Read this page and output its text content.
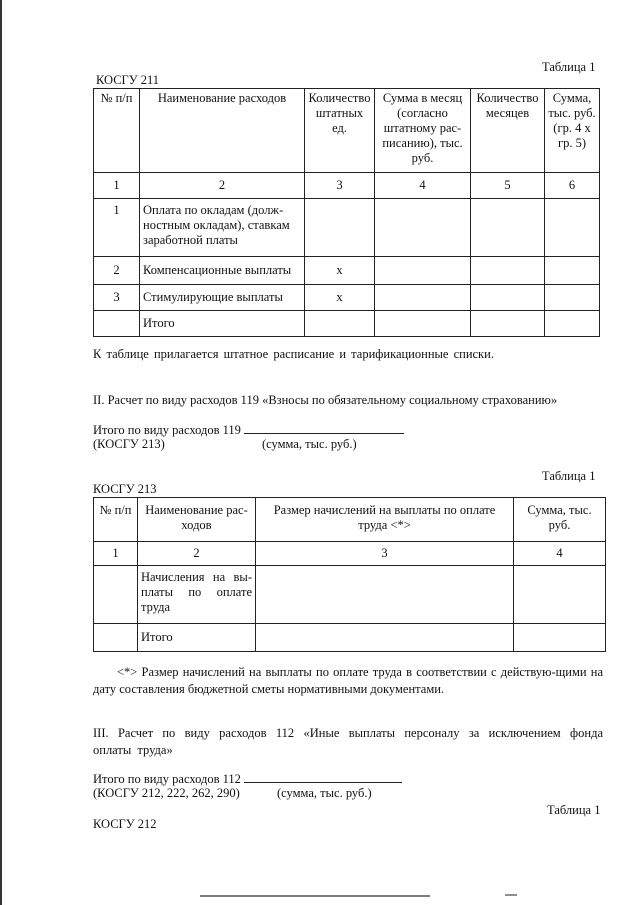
Таблица 1
КОСГУ 211
№ п/п	Наименование расходов	Количество штатных ед.	Сумма в месяц (согласно штатному рас-писанию), тыс. руб.	Количество месяцев	Сумма, тыс. руб. (гр. 4 х гр. 5)
1	2	3	4	5	6
1	Оплата по окладам (долж-ностным окладам), ставкам заработной платы				
2	Компенсационные выплаты	х			
3	Стимулирующие выплаты	х			
	Итого				
К таблице прилагается штатное расписание и тарификационные списки.
II. Расчет по виду расходов 119 «Взносы по обязательному социальному страхованию»
Итого по виду расходов 119
(КОСГУ 213)	(сумма, тыс. руб.)
Таблица 1
КОСГУ 213
№ п/п	Наименование рас-ходов	Размер начислений на выплаты по оплате труда <*>	Сумма, тыс. руб.
1	2	3	4
	Начисления на вы-платы по оплате труда		
	Итого		
<*> Размер начислений на выплаты по оплате труда в соответствии с действую-щими на дату составления бюджетной сметы нормативными документами.
III. Расчет по виду расходов 112 «Иные выплаты персоналу за исключением фонда оплаты труда»
Итого по виду расходов 112
(КОСГУ 212, 222, 262, 290)	(сумма, тыс. руб.)
Таблица 1
КОСГУ 212
